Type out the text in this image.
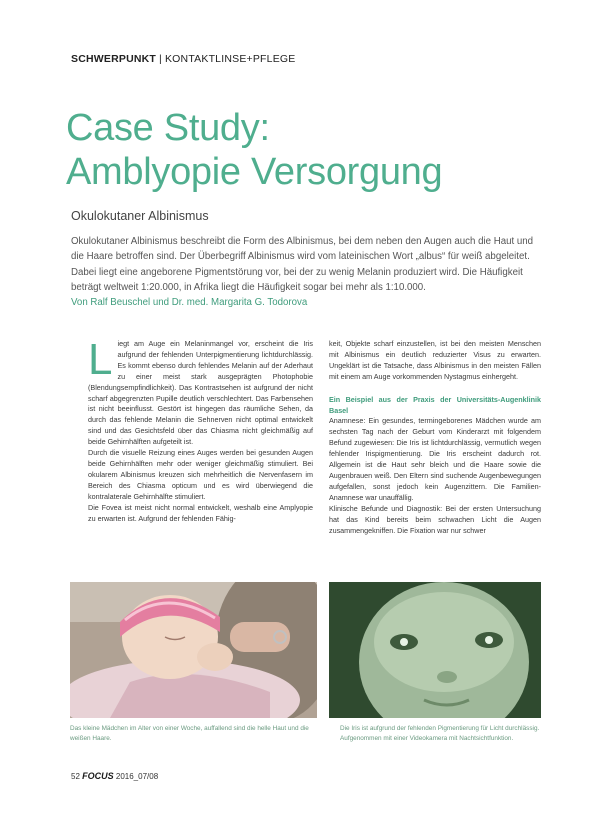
SCHWERPUNKT | KONTAKTLINSE+PFLEGE
Case Study:
Amblyopie Versorgung
Okulokutaner Albinismus

Okulokutaner Albinismus beschreibt die Form des Albinismus, bei dem neben den Augen auch die Haut und die Haare betroffen sind. Der Überbegriff Albinismus wird vom lateinischen Wort „albus“ für weiß abgeleitet. Dabei liegt eine angeborene Pigmentstörung vor, bei der zu wenig Melanin produziert wird. Die Häufigkeit beträgt weltweit 1:20.000, in Afrika liegt die Häufigkeit sogar bei mehr als 1:10.000.

Von Ralf Beuschel und Dr. med. Margarita G. Todorova
L iegt am Auge ein Melaninmangel vor, erscheint die Iris aufgrund der fehlenden Unterpigmentierung lichtdurchlässig. Es kommt ebenso durch fehlendes Melanin auf der Aderhaut zu einer meist stark ausgeprägten Photophobie (Blendungsempfindlichkeit). Das Kontrastsehen ist aufgrund der nicht scharf abgegrenzten Pupille deutlich verschlechtert. Das Farbensehen ist nicht beeinflusst. Gestört ist hingegen das räumliche Sehen, da durch das fehlende Melanin die Sehnerven nicht optimal entwickelt sind und das Gesichtsfeld über das Chiasma nicht gleichmäßig auf beide Gehirnhälften aufgeteilt ist.

Durch die visuelle Reizung eines Auges werden bei gesunden Augen beide Gehirnhälften mehr oder weniger gleichmäßig stimuliert. Bei okularem Albinismus kreuzen sich mehrheitlich die Nervenfasern im Bereich des Chiasma opticum und es wird überwiegend die kontralaterale Gehirnhälfte stimuliert.

Die Fovea ist meist nicht normal entwickelt, weshalb eine Amplyopie zu erwarten ist. Aufgrund der fehlenden Fähig-

keit, Objekte scharf einzustellen, ist bei den meisten Menschen mit Albinismus ein deutlich reduzierter Visus zu erwarten. Ungeklärt ist die Tatsache, dass Albinismus in den meisten Fällen mit einem am Auge vorkommenden Nystagmus einhergeht.

Ein Beispiel aus der Praxis der Universitäts-Augenklinik Basel

Anamnese: Ein gesundes, termingeborenes Mädchen wurde am sechsten Tag nach der Geburt vom Kinderarzt mit folgendem Befund zugewiesen: Die Iris ist lichtdurchlässig, vermutlich wegen fehlender Irispigmentierung. Die Iris erscheint dadurch rot. Allgemein ist die Haut sehr bleich und die Haare sowie die Augenbrauen weiß. Den Eltern sind suchende Augenbewegungen aufgefallen, sonst jedoch kein Augenzittern. Die Familien-Anamnese war unauffällig.

Klinische Befunde und Diagnostik: Bei der ersten Untersuchung hat das Kind bereits beim schwachen Licht die Augen zusammengekniffen. Die Fixation war nur schwer

Das kleine Mädchen im Alter von einer Woche, auffallend sind die helle Haut und die weißen Haare.
Die Iris ist aufgrund der fehlenden Pigmentierung für Licht durchlässig. Aufgenommen mit einer Videokamera mit Nachtsichtfunktion.
52 FOCUS 2016_07/08
